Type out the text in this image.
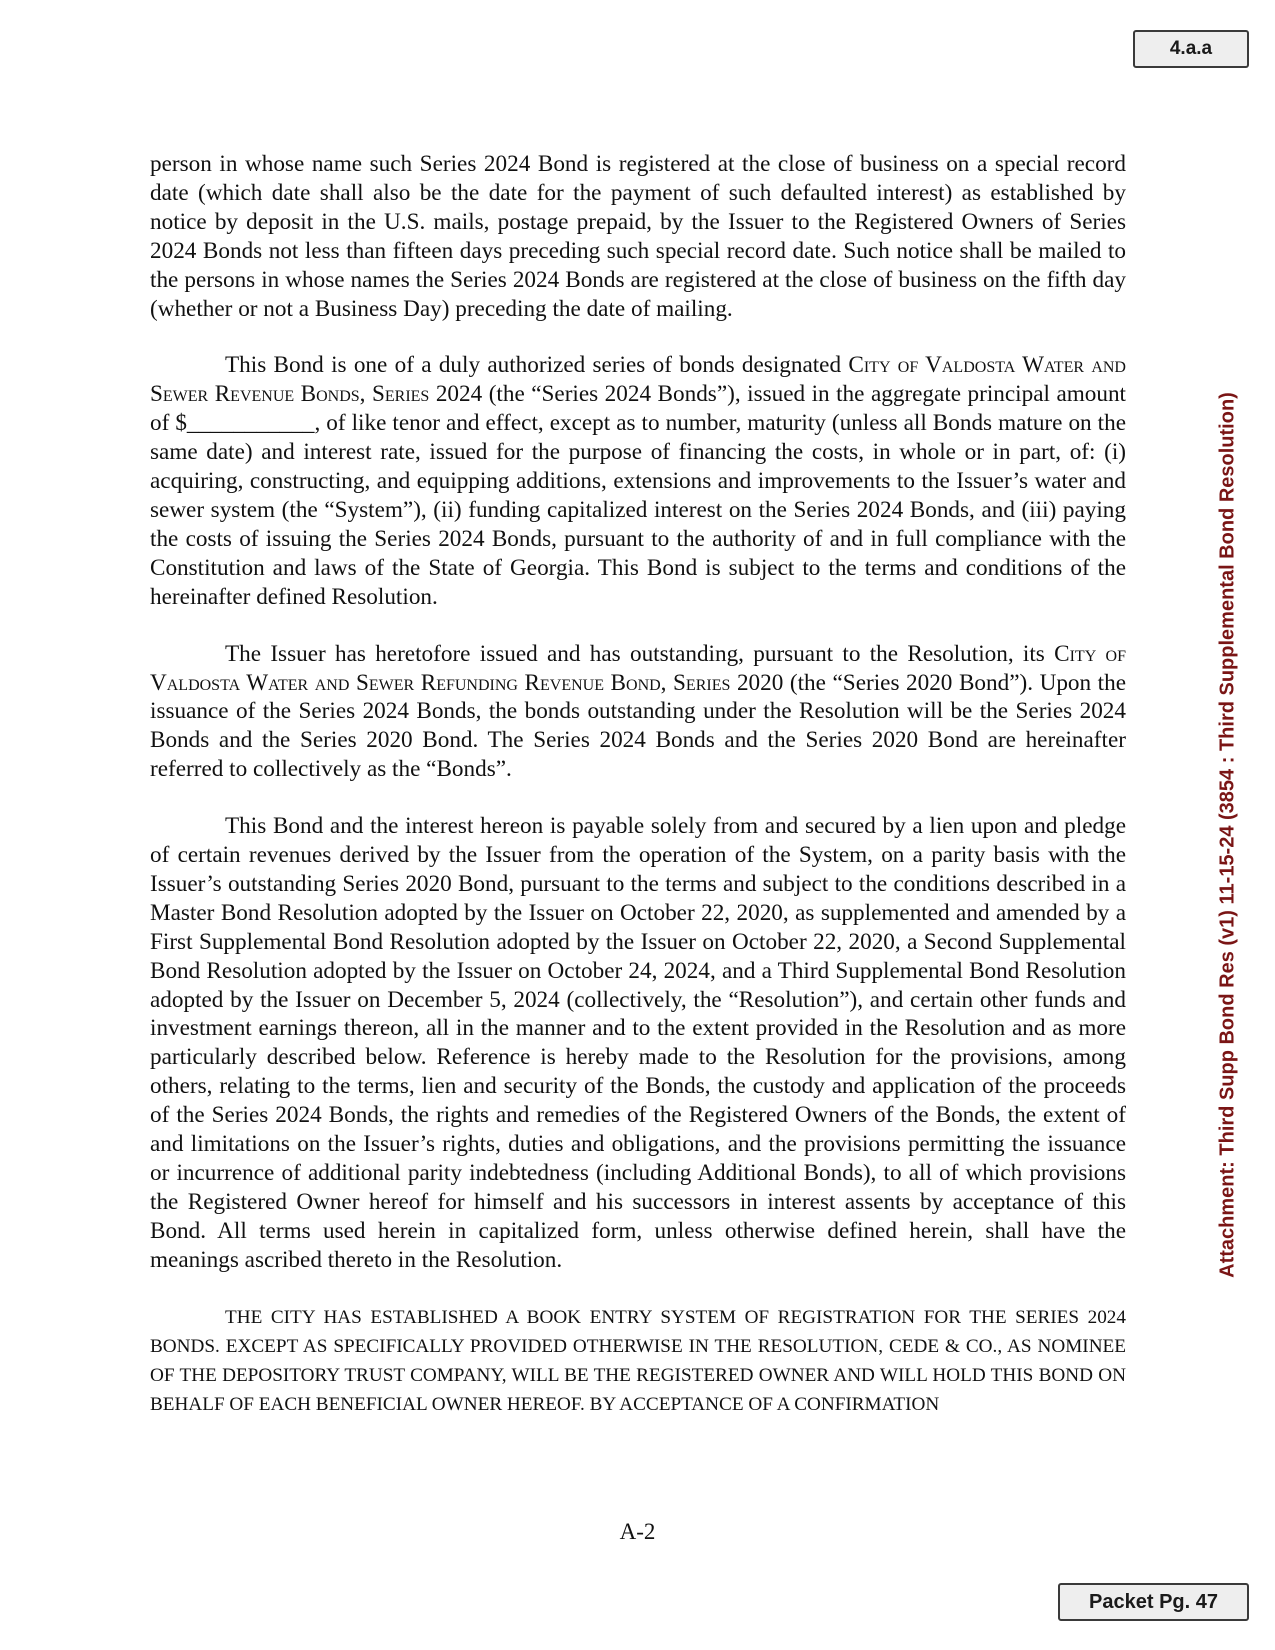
4.a.a
Attachment: Third Supp Bond Res (v1) 11-15-24 (3854 : Third Supplemental Bond Resolution)

person in whose name such Series 2024 Bond is registered at the close of business on a special record date (which date shall also be the date for the payment of such defaulted interest) as established by notice by deposit in the U.S. mails, postage prepaid, by the Issuer to the Registered Owners of Series 2024 Bonds not less than fifteen days preceding such special record date. Such notice shall be mailed to the persons in whose names the Series 2024 Bonds are registered at the close of business on the fifth day (whether or not a Business Day) preceding the date of mailing.

This Bond is one of a duly authorized series of bonds designated City of Valdosta Water and Sewer Revenue Bonds, Series 2024 (the “Series 2024 Bonds”), issued in the aggregate principal amount of $___________, of like tenor and effect, except as to number, maturity (unless all Bonds mature on the same date) and interest rate, issued for the purpose of financing the costs, in whole or in part, of: (i) acquiring, constructing, and equipping additions, extensions and improvements to the Issuer’s water and sewer system (the “System”), (ii) funding capitalized interest on the Series 2024 Bonds, and (iii) paying the costs of issuing the Series 2024 Bonds, pursuant to the authority of and in full compliance with the Constitution and laws of the State of Georgia. This Bond is subject to the terms and conditions of the hereinafter defined Resolution.

The Issuer has heretofore issued and has outstanding, pursuant to the Resolution, its City of Valdosta Water and Sewer Refunding Revenue Bond, Series 2020 (the “Series 2020 Bond”). Upon the issuance of the Series 2024 Bonds, the bonds outstanding under the Resolution will be the Series 2024 Bonds and the Series 2020 Bond. The Series 2024 Bonds and the Series 2020 Bond are hereinafter referred to collectively as the “Bonds”.

This Bond and the interest hereon is payable solely from and secured by a lien upon and pledge of certain revenues derived by the Issuer from the operation of the System, on a parity basis with the Issuer’s outstanding Series 2020 Bond, pursuant to the terms and subject to the conditions described in a Master Bond Resolution adopted by the Issuer on October 22, 2020, as supplemented and amended by a First Supplemental Bond Resolution adopted by the Issuer on October 22, 2020, a Second Supplemental Bond Resolution adopted by the Issuer on October 24, 2024, and a Third Supplemental Bond Resolution adopted by the Issuer on December 5, 2024 (collectively, the “Resolution”), and certain other funds and investment earnings thereon, all in the manner and to the extent provided in the Resolution and as more particularly described below. Reference is hereby made to the Resolution for the provisions, among others, relating to the terms, lien and security of the Bonds, the custody and application of the proceeds of the Series 2024 Bonds, the rights and remedies of the Registered Owners of the Bonds, the extent of and limitations on the Issuer’s rights, duties and obligations, and the provisions permitting the issuance or incurrence of additional parity indebtedness (including Additional Bonds), to all of which provisions the Registered Owner hereof for himself and his successors in interest assents by acceptance of this Bond. All terms used herein in capitalized form, unless otherwise defined herein, shall have the meanings ascribed thereto in the Resolution.

THE CITY HAS ESTABLISHED A BOOK ENTRY SYSTEM OF REGISTRATION FOR THE SERIES 2024 BONDS. EXCEPT AS SPECIFICALLY PROVIDED OTHERWISE IN THE RESOLUTION, CEDE & CO., AS NOMINEE OF THE DEPOSITORY TRUST COMPANY, WILL BE THE REGISTERED OWNER AND WILL HOLD THIS BOND ON BEHALF OF EACH BENEFICIAL OWNER HEREOF. BY ACCEPTANCE OF A CONFIRMATION

A-2
Packet Pg. 47
